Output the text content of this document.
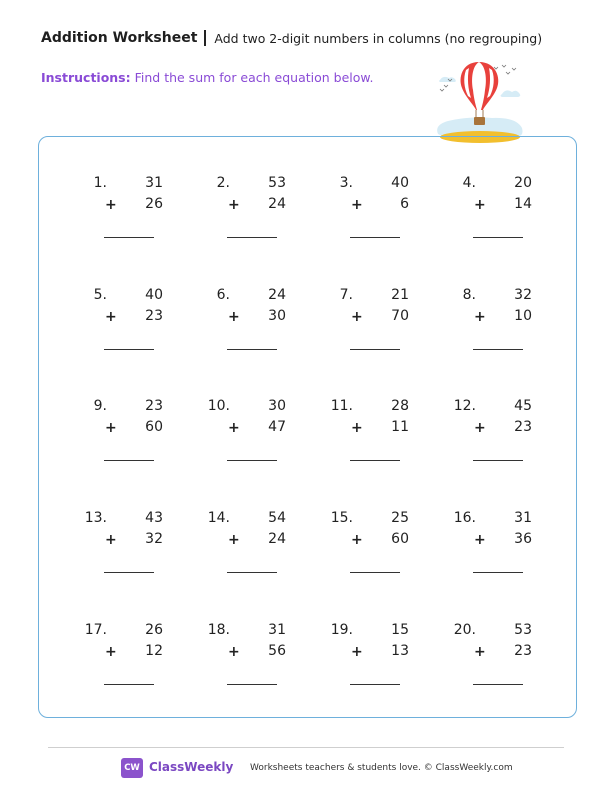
Addition Worksheet Add two 2-digit numbers in columns (no regrouping)
Instructions: Find the sum for each equation below.
1.	31
+	26
2.	53
+	24
3.	40
+	6
4.	20
+	14
5.	40
+	23
6.	24
+	30
7.	21
+	70
8.	32
+	10
9.	23
+	60
10.	30
+	47
11.	28
+	11
12.	45
+	23
13.	43
+	32
14.	54
+	24
15.	25
+	60
16.	31
+	36
17.	26
+	12
18.	31
+	56
19.	15
+	13
20.	53
+	23
CW ClassWeekly Worksheets teachers & students love. © ClassWeekly.com
